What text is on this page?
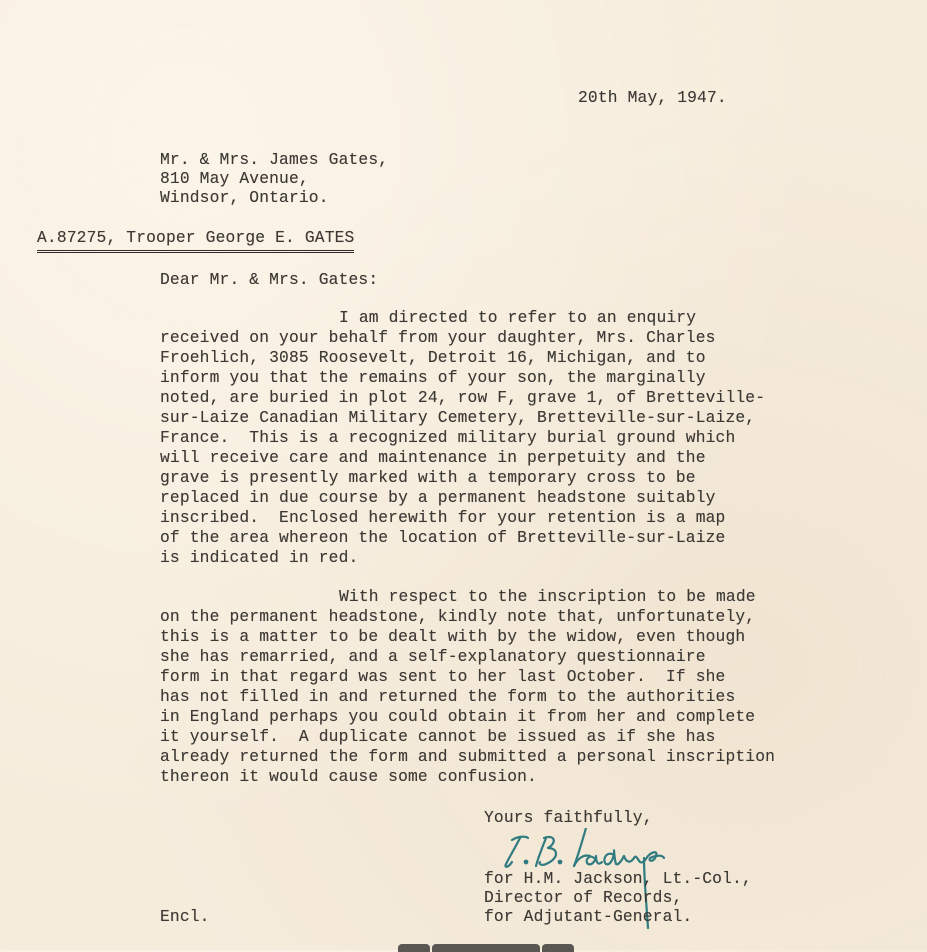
20th May, 1947.
Mr. & Mrs. James Gates,
810 May Avenue,
Windsor, Ontario.
A.87275, Trooper George E. GATES
Dear Mr. & Mrs. Gates:
I am directed to refer to an enquiry
received on your behalf from your daughter, Mrs. Charles
Froehlich, 3085 Roosevelt, Detroit 16, Michigan, and to
inform you that the remains of your son, the marginally
noted, are buried in plot 24, row F, grave 1, of Bretteville-
sur-Laize Canadian Military Cemetery, Bretteville-sur-Laize,
France.  This is a recognized military burial ground which
will receive care and maintenance in perpetuity and the
grave is presently marked with a temporary cross to be
replaced in due course by a permanent headstone suitably
inscribed.  Enclosed herewith for your retention is a map
of the area whereon the location of Bretteville-sur-Laize
is indicated in red.
With respect to the inscription to be made
on the permanent headstone, kindly note that, unfortunately,
this is a matter to be dealt with by the widow, even though
she has remarried, and a self-explanatory questionnaire
form in that regard was sent to her last October.  If she
has not filled in and returned the form to the authorities
in England perhaps you could obtain it from her and complete
it yourself.  A duplicate cannot be issued as if she has
already returned the form and submitted a personal inscription
thereon it would cause some confusion.
Yours faithfully,
for H.M. Jackson, Lt.-Col.,
Director of Records,
for Adjutant-General.
Encl.
